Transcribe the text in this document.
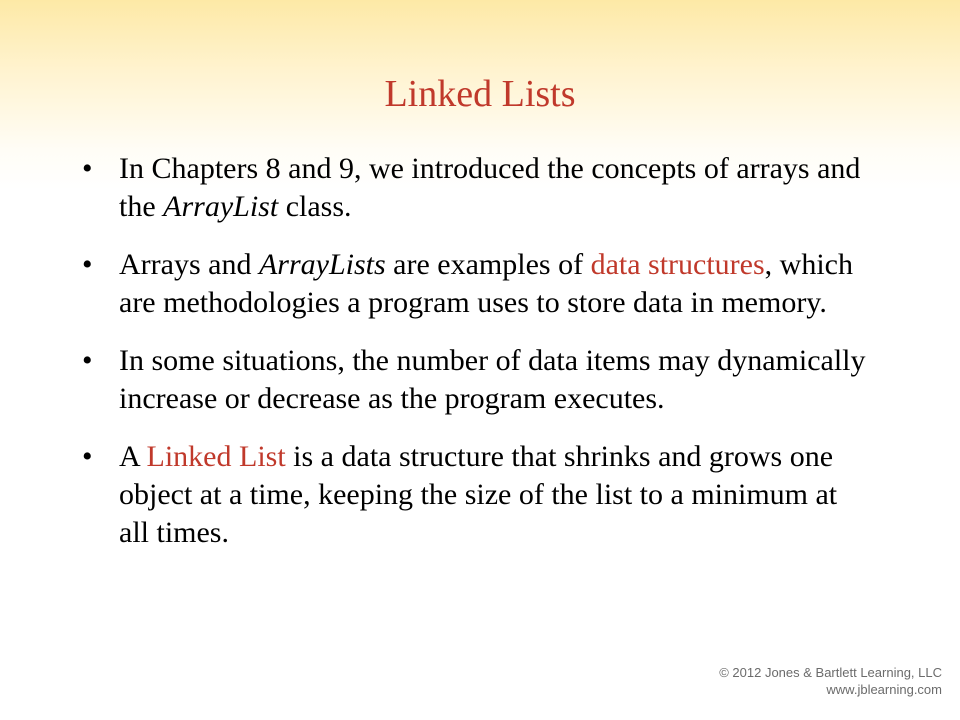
Linked Lists
• In Chapters 8 and 9, we introduced the concepts of arrays and the ArrayList class.
• Arrays and ArrayLists are examples of data structures, which are methodologies a program uses to store data in memory.
• In some situations, the number of data items may dynamically increase or decrease as the program executes.
• A Linked List is a data structure that shrinks and grows one object at a time, keeping the size of the list to a minimum at all times.
© 2012 Jones & Bartlett Learning, LLC
www.jblearning.com
